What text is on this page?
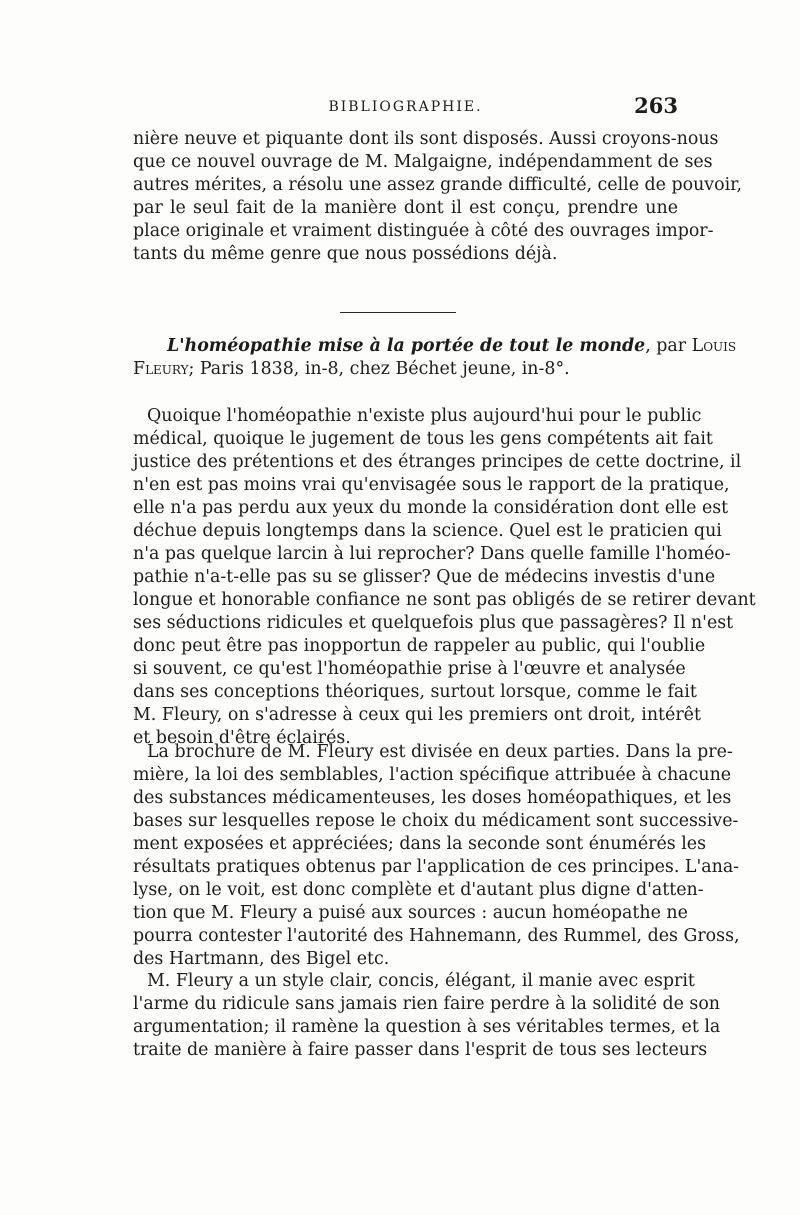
BIBLIOGRAPHIE.	263
nière neuve et piquante dont ils sont disposés. Aussi croyons-nous
que ce nouvel ouvrage de M. Malgaigne, indépendamment de ses
autres mérites, a résolu une assez grande difficulté, celle de pouvoir,
par le seul fait de la manière dont il est conçu, prendre une
place originale et vraiment distinguée à côté des ouvrages impor-
tants du même genre que nous possédions déjà.
L'homéopathie mise à la portée de tout le monde, par Louis
Fleury; Paris 1838, in-8, chez Béchet jeune, in-8°.
Quoique l'homéopathie n'existe plus aujourd'hui pour le public
médical, quoique le jugement de tous les gens compétents ait fait
justice des prétentions et des étranges principes de cette doctrine, il
n'en est pas moins vrai qu'envisagée sous le rapport de la pratique,
elle n'a pas perdu aux yeux du monde la considération dont elle est
déchue depuis longtemps dans la science. Quel est le praticien qui
n'a pas quelque larcin à lui reprocher? Dans quelle famille l'homéo-
pathie n'a-t-elle pas su se glisser? Que de médecins investis d'une
longue et honorable confiance ne sont pas obligés de se retirer devant
ses séductions ridicules et quelquefois plus que passagères? Il n'est
donc peut être pas inopportun de rappeler au public, qui l'oublie
si souvent, ce qu'est l'homéopathie prise à l'œuvre et analysée
dans ses conceptions théoriques, surtout lorsque, comme le fait
M. Fleury, on s'adresse à ceux qui les premiers ont droit, intérêt
et besoin d'être éclairés.
La brochure de M. Fleury est divisée en deux parties. Dans la pre-
mière, la loi des semblables, l'action spécifique attribuée à chacune
des substances médicamenteuses, les doses homéopathiques, et les
bases sur lesquelles repose le choix du médicament sont successive-
ment exposées et appréciées; dans la seconde sont énumérés les
résultats pratiques obtenus par l'application de ces principes. L'ana-
lyse, on le voit, est donc complète et d'autant plus digne d'atten-
tion que M. Fleury a puisé aux sources : aucun homéopathe ne
pourra contester l'autorité des Hahnemann, des Rummel, des Gross,
des Hartmann, des Bigel etc.
M. Fleury a un style clair, concis, élégant, il manie avec esprit
l'arme du ridicule sans jamais rien faire perdre à la solidité de son
argumentation; il ramène la question à ses véritables termes, et la
traite de manière à faire passer dans l'esprit de tous ses lecteurs
